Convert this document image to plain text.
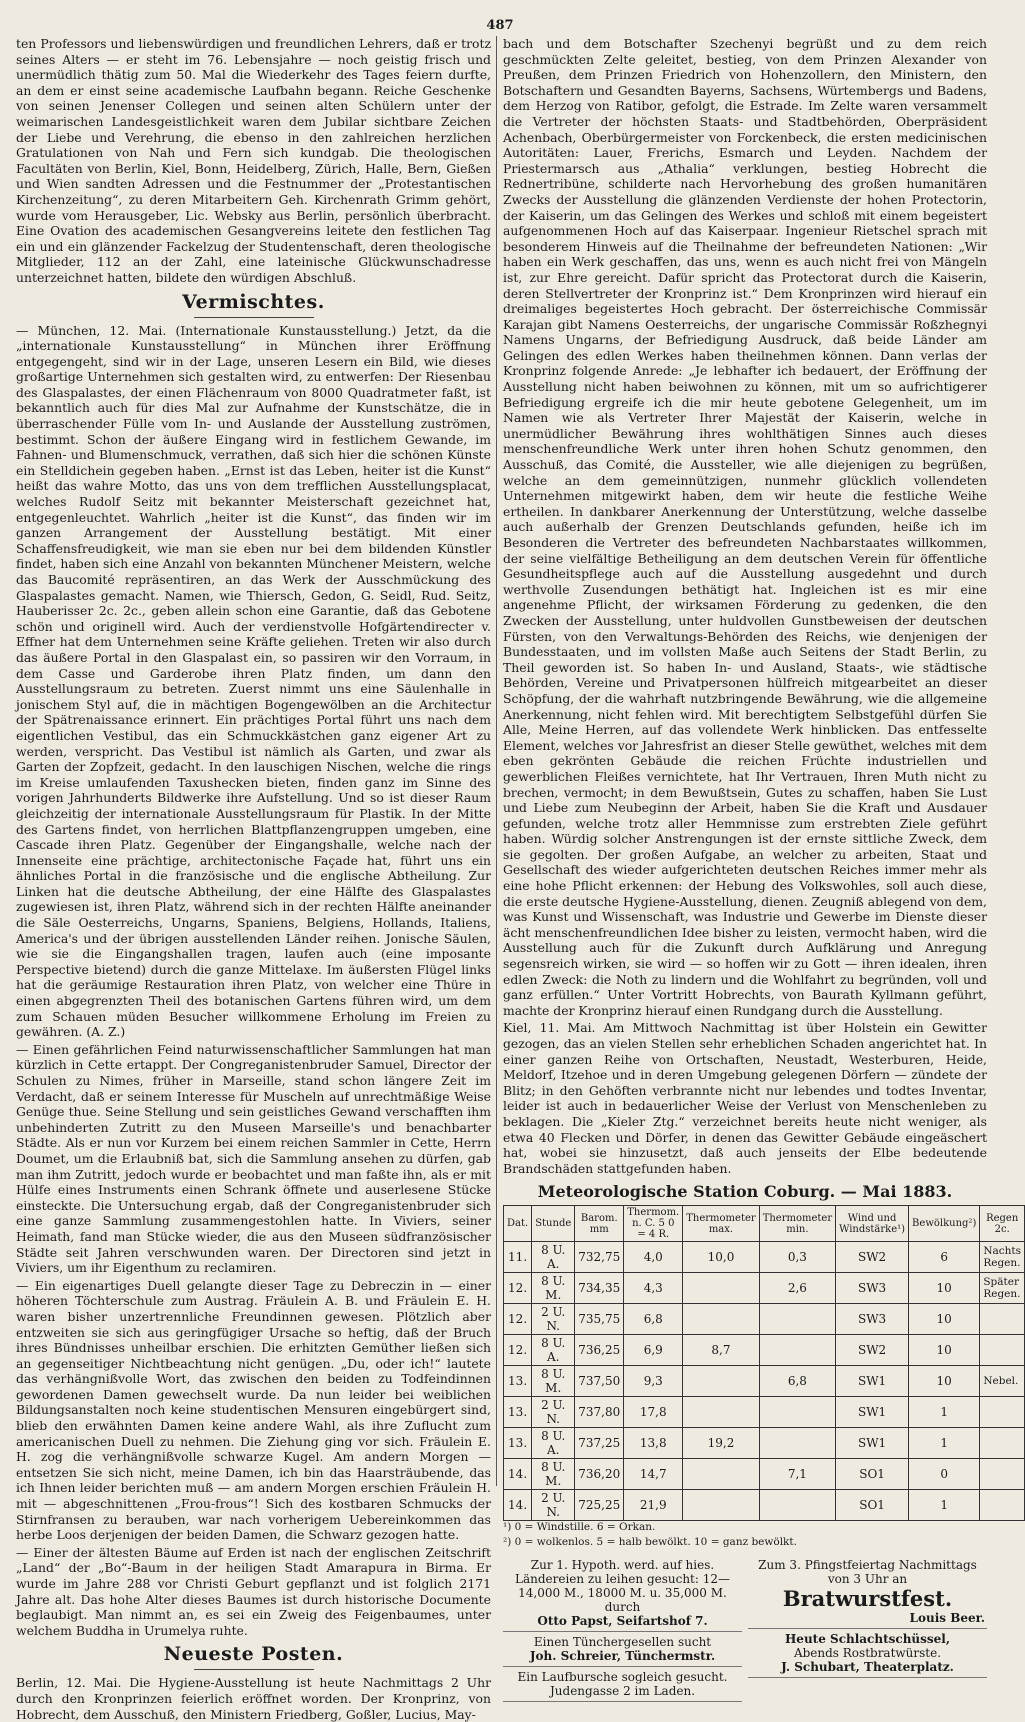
487

ten Professors und liebenswürdigen und freundlichen Lehrers, daß er trotz seines Alters — er steht im 76. Lebensjahre — noch geistig frisch und unermüdlich thätig zum 50. Mal die Wiederkehr des Tages feiern durfte, an dem er einst seine academische Laufbahn begann. Reiche Geschenke von seinen Jenenser Collegen und seinen alten Schülern unter der weimarischen Landesgeistlichkeit waren dem Jubilar sichtbare Zeichen der Liebe und Verehrung, die ebenso in den zahlreichen herzlichen Gratulationen von Nah und Fern sich kundgab. Die theologischen Facultäten von Berlin, Kiel, Bonn, Heidelberg, Zürich, Halle, Bern, Gießen und Wien sandten Adressen und die Festnummer der „Protestantischen Kirchenzeitung“, zu deren Mitarbeitern Geh. Kirchenrath Grimm gehört, wurde vom Herausgeber, Lic. Websky aus Berlin, persönlich überbracht. Eine Ovation des academischen Gesangvereins leitete den festlichen Tag ein und ein glänzender Fackelzug der Studentenschaft, deren theologische Mitglieder, 112 an der Zahl, eine lateinische Glückwunschadresse unterzeichnet hatten, bildete den würdigen Abschluß.

Vermischtes.

— München, 12. Mai. (Internationale Kunstausstellung.) Jetzt, da die „internationale Kunstausstellung“ in München ihrer Eröffnung entgegengeht, sind wir in der Lage, unseren Lesern ein Bild, wie dieses großartige Unternehmen sich gestalten wird, zu entwerfen: Der Riesenbau des Glaspalastes, der einen Flächenraum von 8000 Quadratmeter faßt, ist bekanntlich auch für dies Mal zur Aufnahme der Kunstschätze, die in überraschender Fülle vom In- und Auslande der Ausstellung zuströmen, bestimmt. Schon der äußere Eingang wird in festlichem Gewande, im Fahnen- und Blumenschmuck, verrathen, daß sich hier die schönen Künste ein Stelldichein gegeben haben. „Ernst ist das Leben, heiter ist die Kunst“ heißt das wahre Motto, das uns von dem trefflichen Ausstellungsplacat, welches Rudolf Seitz mit bekannter Meisterschaft gezeichnet hat, entgegenleuchtet. Wahrlich „heiter ist die Kunst“, das finden wir im ganzen Arrangement der Ausstellung bestätigt. Mit einer Schaffensfreudigkeit, wie man sie eben nur bei dem bildenden Künstler findet, haben sich eine Anzahl von bekannten Münchener Meistern, welche das Baucomité repräsentiren, an das Werk der Ausschmückung des Glaspalastes gemacht. Namen, wie Thiersch, Gedon, G. Seidl, Rud. Seitz, Hauberisser 2c. 2c., geben allein schon eine Garantie, daß das Gebotene schön und originell wird. Auch der verdienstvolle Hofgärtendirecter v. Effner hat dem Unternehmen seine Kräfte geliehen. Treten wir also durch das äußere Portal in den Glaspalast ein, so passiren wir den Vorraum, in dem Casse und Garderobe ihren Platz finden, um dann den Ausstellungsraum zu betreten. Zuerst nimmt uns eine Säulenhalle in jonischem Styl auf, die in mächtigen Bogengewölben an die Architectur der Spätrenaissance erinnert. Ein prächtiges Portal führt uns nach dem eigentlichen Vestibul, das ein Schmuckkästchen ganz eigener Art zu werden, verspricht. Das Vestibul ist nämlich als Garten, und zwar als Garten der Zopfzeit, gedacht. In den lauschigen Nischen, welche die rings im Kreise umlaufenden Taxushecken bieten, finden ganz im Sinne des vorigen Jahrhunderts Bildwerke ihre Aufstellung. Und so ist dieser Raum gleichzeitig der internationale Ausstellungsraum für Plastik. In der Mitte des Gartens findet, von herrlichen Blattpflanzengruppen umgeben, eine Cascade ihren Platz. Gegenüber der Eingangshalle, welche nach der Innenseite eine prächtige, architectonische Façade hat, führt uns ein ähnliches Portal in die französische und die englische Abtheilung. Zur Linken hat die deutsche Abtheilung, der eine Hälfte des Glaspalastes zugewiesen ist, ihren Platz, während sich in der rechten Hälfte aneinander die Säle Oesterreichs, Ungarns, Spaniens, Belgiens, Hollands, Italiens, America's und der übrigen ausstellenden Länder reihen. Jonische Säulen, wie sie die Eingangshallen tragen, laufen auch (eine imposante Perspective bietend) durch die ganze Mittelaxe. Im äußersten Flügel links hat die geräumige Restauration ihren Platz, von welcher eine Thüre in einen abgegrenzten Theil des botanischen Gartens führen wird, um dem zum Schauen müden Besucher willkommene Erholung im Freien zu gewähren. (A. Z.)

— Einen gefährlichen Feind naturwissenschaftlicher Sammlungen hat man kürzlich in Cette ertappt. Der Congreganistenbruder Samuel, Director der Schulen zu Nimes, früher in Marseille, stand schon längere Zeit im Verdacht, daß er seinem Interesse für Muscheln auf unrechtmäßige Weise Genüge thue. Seine Stellung und sein geistliches Gewand verschafften ihm unbehinderten Zutritt zu den Museen Marseille's und benachbarter Städte. Als er nun vor Kurzem bei einem reichen Sammler in Cette, Herrn Doumet, um die Erlaubniß bat, sich die Sammlung ansehen zu dürfen, gab man ihm Zutritt, jedoch wurde er beobachtet und man faßte ihn, als er mit Hülfe eines Instruments einen Schrank öffnete und auserlesene Stücke einsteckte. Die Untersuchung ergab, daß der Congreganistenbruder sich eine ganze Sammlung zusammengestohlen hatte. In Viviers, seiner Heimath, fand man Stücke wieder, die aus den Museen südfranzösischer Städte seit Jahren verschwunden waren. Der Directoren sind jetzt in Viviers, um ihr Eigenthum zu reclamiren.

— Ein eigenartiges Duell gelangte dieser Tage zu Debreczin in — einer höheren Töchterschule zum Austrag. Fräulein A. B. und Fräulein E. H. waren bisher unzertrennliche Freundinnen gewesen. Plötzlich aber entzweiten sie sich aus geringfügiger Ursache so heftig, daß der Bruch ihres Bündnisses unheilbar erschien. Die erhitzten Gemüther ließen sich an gegenseitiger Nichtbeachtung nicht genügen. „Du, oder ich!“ lautete das verhängnißvolle Wort, das zwischen den beiden zu Todfeindinnen gewordenen Damen gewechselt wurde. Da nun leider bei weiblichen Bildungsanstalten noch keine studentischen Mensuren eingebürgert sind, blieb den erwähnten Damen keine andere Wahl, als ihre Zuflucht zum americanischen Duell zu nehmen. Die Ziehung ging vor sich. Fräulein E. H. zog die verhängnißvolle schwarze Kugel. Am andern Morgen — entsetzen Sie sich nicht, meine Damen, ich bin das Haarsträubende, das ich Ihnen leider berichten muß — am andern Morgen erschien Fräulein H. mit — abgeschnittenen „Frou-frous“! Sich des kostbaren Schmucks der Stirnfransen zu berauben, war nach vorherigem Uebereinkommen das herbe Loos derjenigen der beiden Damen, die Schwarz gezogen hatte.

— Einer der ältesten Bäume auf Erden ist nach der englischen Zeitschrift „Land“ der „Bo“-Baum in der heiligen Stadt Amarapura in Birma. Er wurde im Jahre 288 vor Christi Geburt gepflanzt und ist folglich 2171 Jahre alt. Das hohe Alter dieses Baumes ist durch historische Documente beglaubigt. Man nimmt an, es sei ein Zweig des Feigenbaumes, unter welchem Buddha in Urumelya ruhte.

Neueste Posten.

Berlin, 12. Mai. Die Hygiene-Ausstellung ist heute Nachmittags 2 Uhr durch den Kronprinzen feierlich eröffnet worden. Der Kronprinz, von Hobrecht, dem Ausschuß, den Ministern Friedberg, Goßler, Lucius, May-

bach und dem Botschafter Szechenyi begrüßt und zu dem reich geschmückten Zelte geleitet, bestieg, von dem Prinzen Alexander von Preußen, dem Prinzen Friedrich von Hohenzollern, den Ministern, den Botschaftern und Gesandten Bayerns, Sachsens, Würtembergs und Badens, dem Herzog von Ratibor, gefolgt, die Estrade. Im Zelte waren versammelt die Vertreter der höchsten Staats- und Stadtbehörden, Oberpräsident Achenbach, Oberbürgermeister von Forckenbeck, die ersten medicinischen Autoritäten: Lauer, Frerichs, Esmarch und Leyden. Nachdem der Priestermarsch aus „Athalia“ verklungen, bestieg Hobrecht die Rednertribüne, schilderte nach Hervorhebung des großen humanitären Zwecks der Ausstellung die glänzenden Verdienste der hohen Protectorin, der Kaiserin, um das Gelingen des Werkes und schloß mit einem begeistert aufgenommenen Hoch auf das Kaiserpaar. Ingenieur Rietschel sprach mit besonderem Hinweis auf die Theilnahme der befreundeten Nationen: „Wir haben ein Werk geschaffen, das uns, wenn es auch nicht frei von Mängeln ist, zur Ehre gereicht. Dafür spricht das Protectorat durch die Kaiserin, deren Stellvertreter der Kronprinz ist.“ Dem Kronprinzen wird hierauf ein dreimaliges begeistertes Hoch gebracht. Der österreichische Commissär Karajan gibt Namens Oesterreichs, der ungarische Commissär Roßzhegnyi Namens Ungarns, der Befriedigung Ausdruck, daß beide Länder am Gelingen des edlen Werkes haben theilnehmen können. Dann verlas der Kronprinz folgende Anrede: „Je lebhafter ich bedauert, der Eröffnung der Ausstellung nicht haben beiwohnen zu können, mit um so aufrichtigerer Befriedigung ergreife ich die mir heute gebotene Gelegenheit, um im Namen wie als Vertreter Ihrer Majestät der Kaiserin, welche in unermüdlicher Bewährung ihres wohlthätigen Sinnes auch dieses menschenfreundliche Werk unter ihren hohen Schutz genommen, den Ausschuß, das Comité, die Aussteller, wie alle diejenigen zu begrüßen, welche an dem gemeinnützigen, nunmehr glücklich vollendeten Unternehmen mitgewirkt haben, dem wir heute die festliche Weihe ertheilen. In dankbarer Anerkennung der Unterstützung, welche dasselbe auch außerhalb der Grenzen Deutschlands gefunden, heiße ich im Besonderen die Vertreter des befreundeten Nachbarstaates willkommen, der seine vielfältige Betheiligung an dem deutschen Verein für öffentliche Gesundheitspflege auch auf die Ausstellung ausgedehnt und durch werthvolle Zusendungen bethätigt hat. Ingleichen ist es mir eine angenehme Pflicht, der wirksamen Förderung zu gedenken, die den Zwecken der Ausstellung, unter huldvollen Gunstbeweisen der deutschen Fürsten, von den Verwaltungs-Behörden des Reichs, wie denjenigen der Bundesstaaten, und im vollsten Maße auch Seitens der Stadt Berlin, zu Theil geworden ist. So haben In- und Ausland, Staats-, wie städtische Behörden, Vereine und Privatpersonen hülfreich mitgearbeitet an dieser Schöpfung, der die wahrhaft nutzbringende Bewährung, wie die allgemeine Anerkennung, nicht fehlen wird. Mit berechtigtem Selbstgefühl dürfen Sie Alle, Meine Herren, auf das vollendete Werk hinblicken. Das entfesselte Element, welches vor Jahresfrist an dieser Stelle gewüthet, welches mit dem eben gekrönten Gebäude die reichen Früchte industriellen und gewerblichen Fleißes vernichtete, hat Ihr Vertrauen, Ihren Muth nicht zu brechen, vermocht; in dem Bewußtsein, Gutes zu schaffen, haben Sie Lust und Liebe zum Neubeginn der Arbeit, haben Sie die Kraft und Ausdauer gefunden, welche trotz aller Hemmnisse zum erstrebten Ziele geführt haben. Würdig solcher Anstrengungen ist der ernste sittliche Zweck, dem sie gegolten. Der großen Aufgabe, an welcher zu arbeiten, Staat und Gesellschaft des wieder aufgerichteten deutschen Reiches immer mehr als eine hohe Pflicht erkennen: der Hebung des Volkswohles, soll auch diese, die erste deutsche Hygiene-Ausstellung, dienen. Zeugniß ablegend von dem, was Kunst und Wissenschaft, was Industrie und Gewerbe im Dienste dieser ächt menschenfreundlichen Idee bisher zu leisten, vermocht haben, wird die Ausstellung auch für die Zukunft durch Aufklärung und Anregung segensreich wirken, sie wird — so hoffen wir zu Gott — ihren idealen, ihren edlen Zweck: die Noth zu lindern und die Wohlfahrt zu begründen, voll und ganz erfüllen.“ Unter Vortritt Hobrechts, von Baurath Kyllmann geführt, machte der Kronprinz hierauf einen Rundgang durch die Ausstellung.

Kiel, 11. Mai. Am Mittwoch Nachmittag ist über Holstein ein Gewitter gezogen, das an vielen Stellen sehr erheblichen Schaden angerichtet hat. In einer ganzen Reihe von Ortschaften, Neustadt, Westerburen, Heide, Meldorf, Itzehoe und in deren Umgebung gelegenen Dörfern — zündete der Blitz; in den Gehöften verbrannte nicht nur lebendes und todtes Inventar, leider ist auch in bedauerlicher Weise der Verlust von Menschenleben zu beklagen. Die „Kieler Ztg.“ verzeichnet bereits heute nicht weniger, als etwa 40 Flecken und Dörfer, in denen das Gewitter Gebäude eingeäschert hat, wobei sie hinzusetzt, daß auch jenseits der Elbe bedeutende Brandschäden stattgefunden haben.

Meteorologische Station Coburg. — Mai 1883.
Dat.	Stunde	Barom. mm	Thermom. n. C. 5 0 = 4 R.	Thermometer max.	Thermometer min.	Wind und Windstärke¹)	Bewölkung²)	Regen 2c.
11.	8 U. A.	732,75	4,0	10,0	0,3	SW2	6	Nachts Regen.
12.	8 U. M.	734,35	4,3		2,6	SW3	10	Später Regen.
12.	2 U. N.	735,75	6,8			SW3	10	
12.	8 U. A.	736,25	6,9	8,7		SW2	10	
13.	8 U. M.	737,50	9,3		6,8	SW1	10	Nebel.
13.	2 U. N.	737,80	17,8			SW1	1	
13.	8 U. A.	737,25	13,8	19,2		SW1	1	
14.	8 U. M.	736,20	14,7		7,1	SO1	0	
14.	2 U. N.	725,25	21,9			SO1	1	

¹) 0 = Windstille. 6 = Orkan.

²) 0 = wolkenlos. 5 = halb bewölkt. 10 = ganz bewölkt.

Zur 1. Hypoth. werd. auf hies. Ländereien zu leihen gesucht: 12—14,000 M., 18000 M. u. 35,000 M. durch

Otto Papst, Seifartshof 7.

Einen Tünchergesellen sucht

Joh. Schreier, Tünchermstr.

Ein Laufbursche sogleich gesucht.

Judengasse 2 im Laden.

Zum 3. Pfingstfeiertag Nachmittags von 3 Uhr an

Bratwurstfest.

Louis Beer.

Heute Schlachtschüssel,

Abends Rostbratwürste.

J. Schubart, Theaterplatz.
